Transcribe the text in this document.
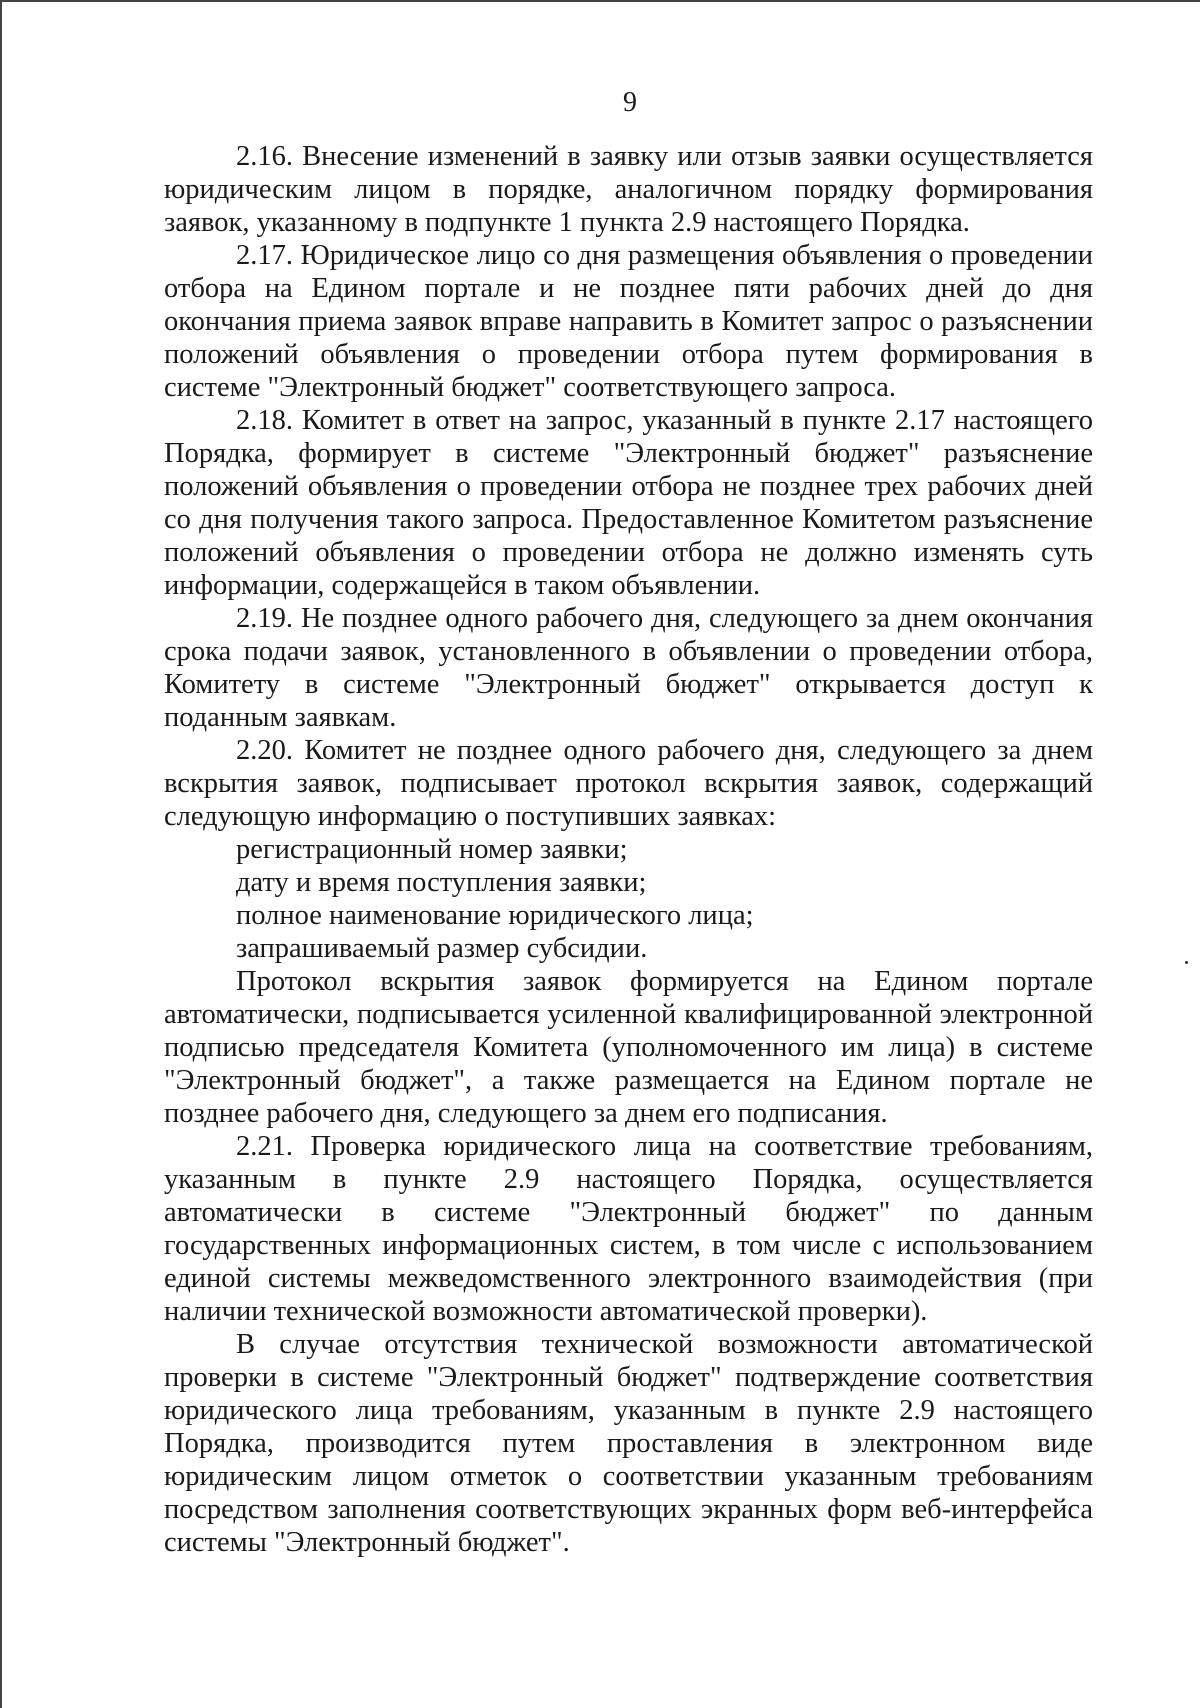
9

2.16. Внесение изменений в заявку или отзыв заявки осуществляется юридическим лицом в порядке, аналогичном порядку формирования заявок, указанному в подпункте 1 пункта 2.9 настоящего Порядка.

2.17. Юридическое лицо со дня размещения объявления о проведении отбора на Едином портале и не позднее пяти рабочих дней до дня окончания приема заявок вправе направить в Комитет запрос о разъяснении положений объявления о проведении отбора путем формирования в системе "Электронный бюджет" соответствующего запроса.

2.18. Комитет в ответ на запрос, указанный в пункте 2.17 настоящего Порядка, формирует в системе "Электронный бюджет" разъяснение положений объявления о проведении отбора не позднее трех рабочих дней со дня получения такого запроса. Предоставленное Комитетом разъяснение положений объявления о проведении отбора не должно изменять суть информации, содержащейся в таком объявлении.

2.19. Не позднее одного рабочего дня, следующего за днем окончания срока подачи заявок, установленного в объявлении о проведении отбора, Комитету в системе "Электронный бюджет" открывается доступ к поданным заявкам.

2.20. Комитет не позднее одного рабочего дня, следующего за днем вскрытия заявок, подписывает протокол вскрытия заявок, содержащий следующую информацию о поступивших заявках:

регистрационный номер заявки;

дату и время поступления заявки;

полное наименование юридического лица;

запрашиваемый размер субсидии.

Протокол вскрытия заявок формируется на Едином портале автоматически, подписывается усиленной квалифицированной электронной подписью председателя Комитета (уполномоченного им лица) в системе "Электронный бюджет", а также размещается на Едином портале не позднее рабочего дня, следующего за днем его подписания.

2.21. Проверка юридического лица на соответствие требованиям, указанным в пункте 2.9 настоящего Порядка, осуществляется автоматически в системе "Электронный бюджет" по данным государственных информационных систем, в том числе с использованием единой системы межведомственного электронного взаимодействия (при наличии технической возможности автоматической проверки).

В случае отсутствия технической возможности автоматической проверки в системе "Электронный бюджет" подтверждение соответствия юридического лица требованиям, указанным в пункте 2.9 настоящего Порядка, производится путем проставления в электронном виде юридическим лицом отметок о соответствии указанным требованиям посредством заполнения соответствующих экранных форм веб-интерфейса системы "Электронный бюджет".
